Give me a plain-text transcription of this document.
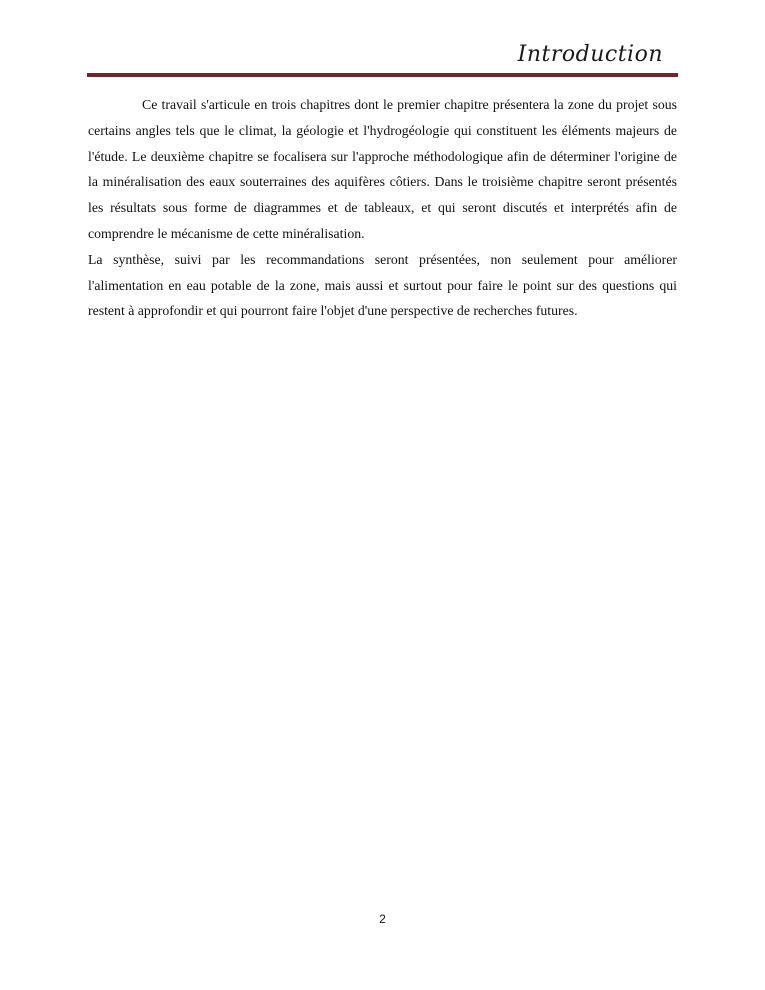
Introduction

Ce travail s'articule en trois chapitres dont le premier chapitre présentera la zone du projet sous certains angles tels que le climat, la géologie et l'hydrogéologie qui constituent les éléments majeurs de l'étude. Le deuxième chapitre se focalisera sur l'approche méthodologique afin de déterminer l'origine de la minéralisation des eaux souterraines des aquifères côtiers. Dans le troisième chapitre seront présentés les résultats sous forme de diagrammes et de tableaux, et qui seront discutés et interprétés afin de comprendre le mécanisme de cette minéralisation.

La synthèse, suivi par les recommandations seront présentées, non seulement pour améliorer l'alimentation en eau potable de la zone, mais aussi et surtout pour faire le point sur des questions qui restent à approfondir et qui pourront faire l'objet d'une perspective de recherches futures.

2
